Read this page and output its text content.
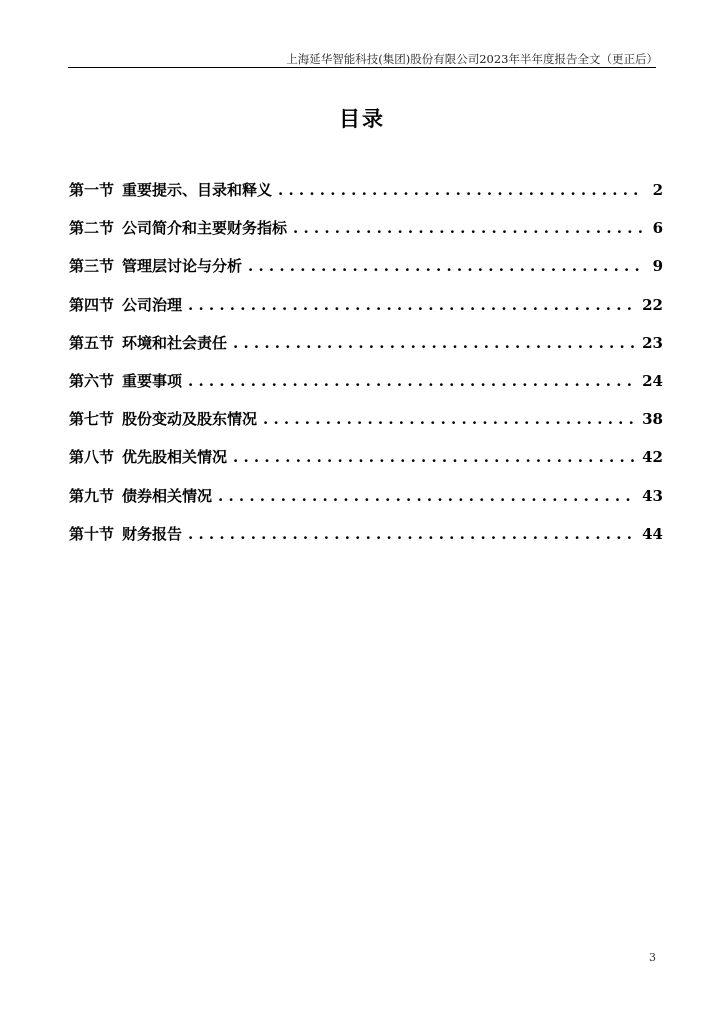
上海延华智能科技(集团)股份有限公司2023年半年度报告全文（更正后）
目录
第一节 重要提示、目录和释义 . . .	2
第二节 公司简介和主要财务指标 . . .	6
第三节 管理层讨论与分析 . . .	9
第四节 公司治理 . . .	22
第五节 环境和社会责任 . . .	23
第六节 重要事项 . . .	24
第七节 股份变动及股东情况 . . .	38
第八节 优先股相关情况 . . .	42
第九节 债券相关情况 . . .	43
第十节 财务报告 . . .	44
3
